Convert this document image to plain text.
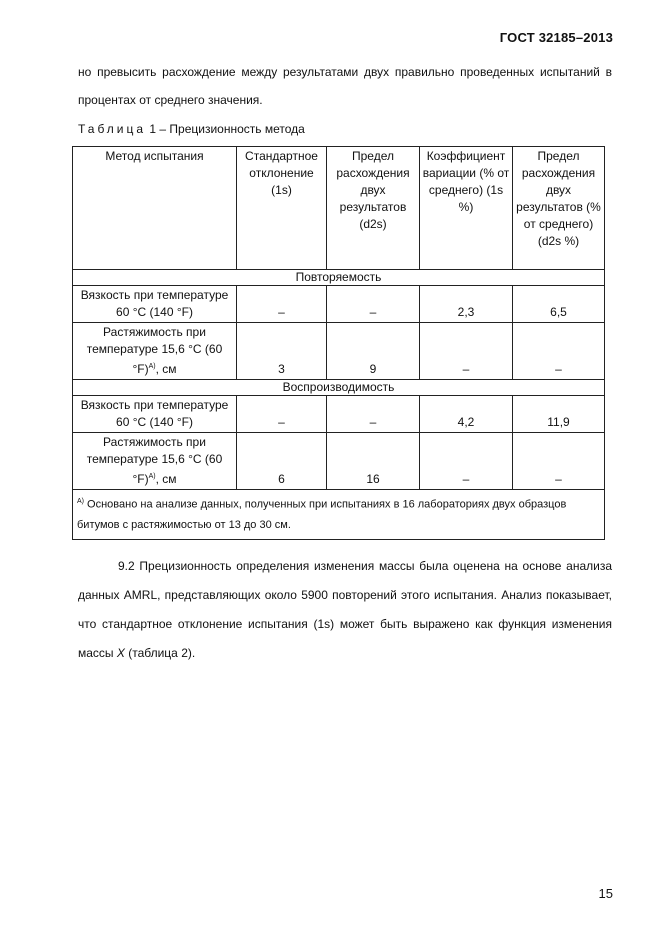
ГОСТ 32185–2013
но превысить расхождение между результатами двух правильно проведенных испытаний в процентах от среднего значения.
Таблица 1 – Прецизионность метода
Метод испытания	Стандартное отклонение (1s)	Предел расхождения двух результатов (d2s)	Коэффициент вариации (% от среднего) (1s %)	Предел расхождения двух результатов (% от среднего) (d2s %)
Повторяемость				
Вязкость при температуре 60 °C (140 °F)	–	–	2,3	6,5
Растяжимость при температуре 15,6 °C (60 °F)$^{A)}$, см	3	9	–	–
Воспроизводимость				
Вязкость при температуре 60 °C (140 °F)	–	–	4,2	11,9
Растяжимость при температуре 15,6 °C (60 °F)$^{A)}$, см	6	16	–	–
$^{A)}$ Основано на анализе данных, полученных при испытаниях в 16 лабораториях двух образцов битумов с растяжимостью от 13 до 30 см.				
9.2 Прецизионность определения изменения массы была оценена на основе анализа данных AMRL, представляющих около 5900 повторений этого испытания. Анализ показывает, что стандартное отклонение испытания (1s) может быть выражено как функция изменения массы X (таблица 2).
15
